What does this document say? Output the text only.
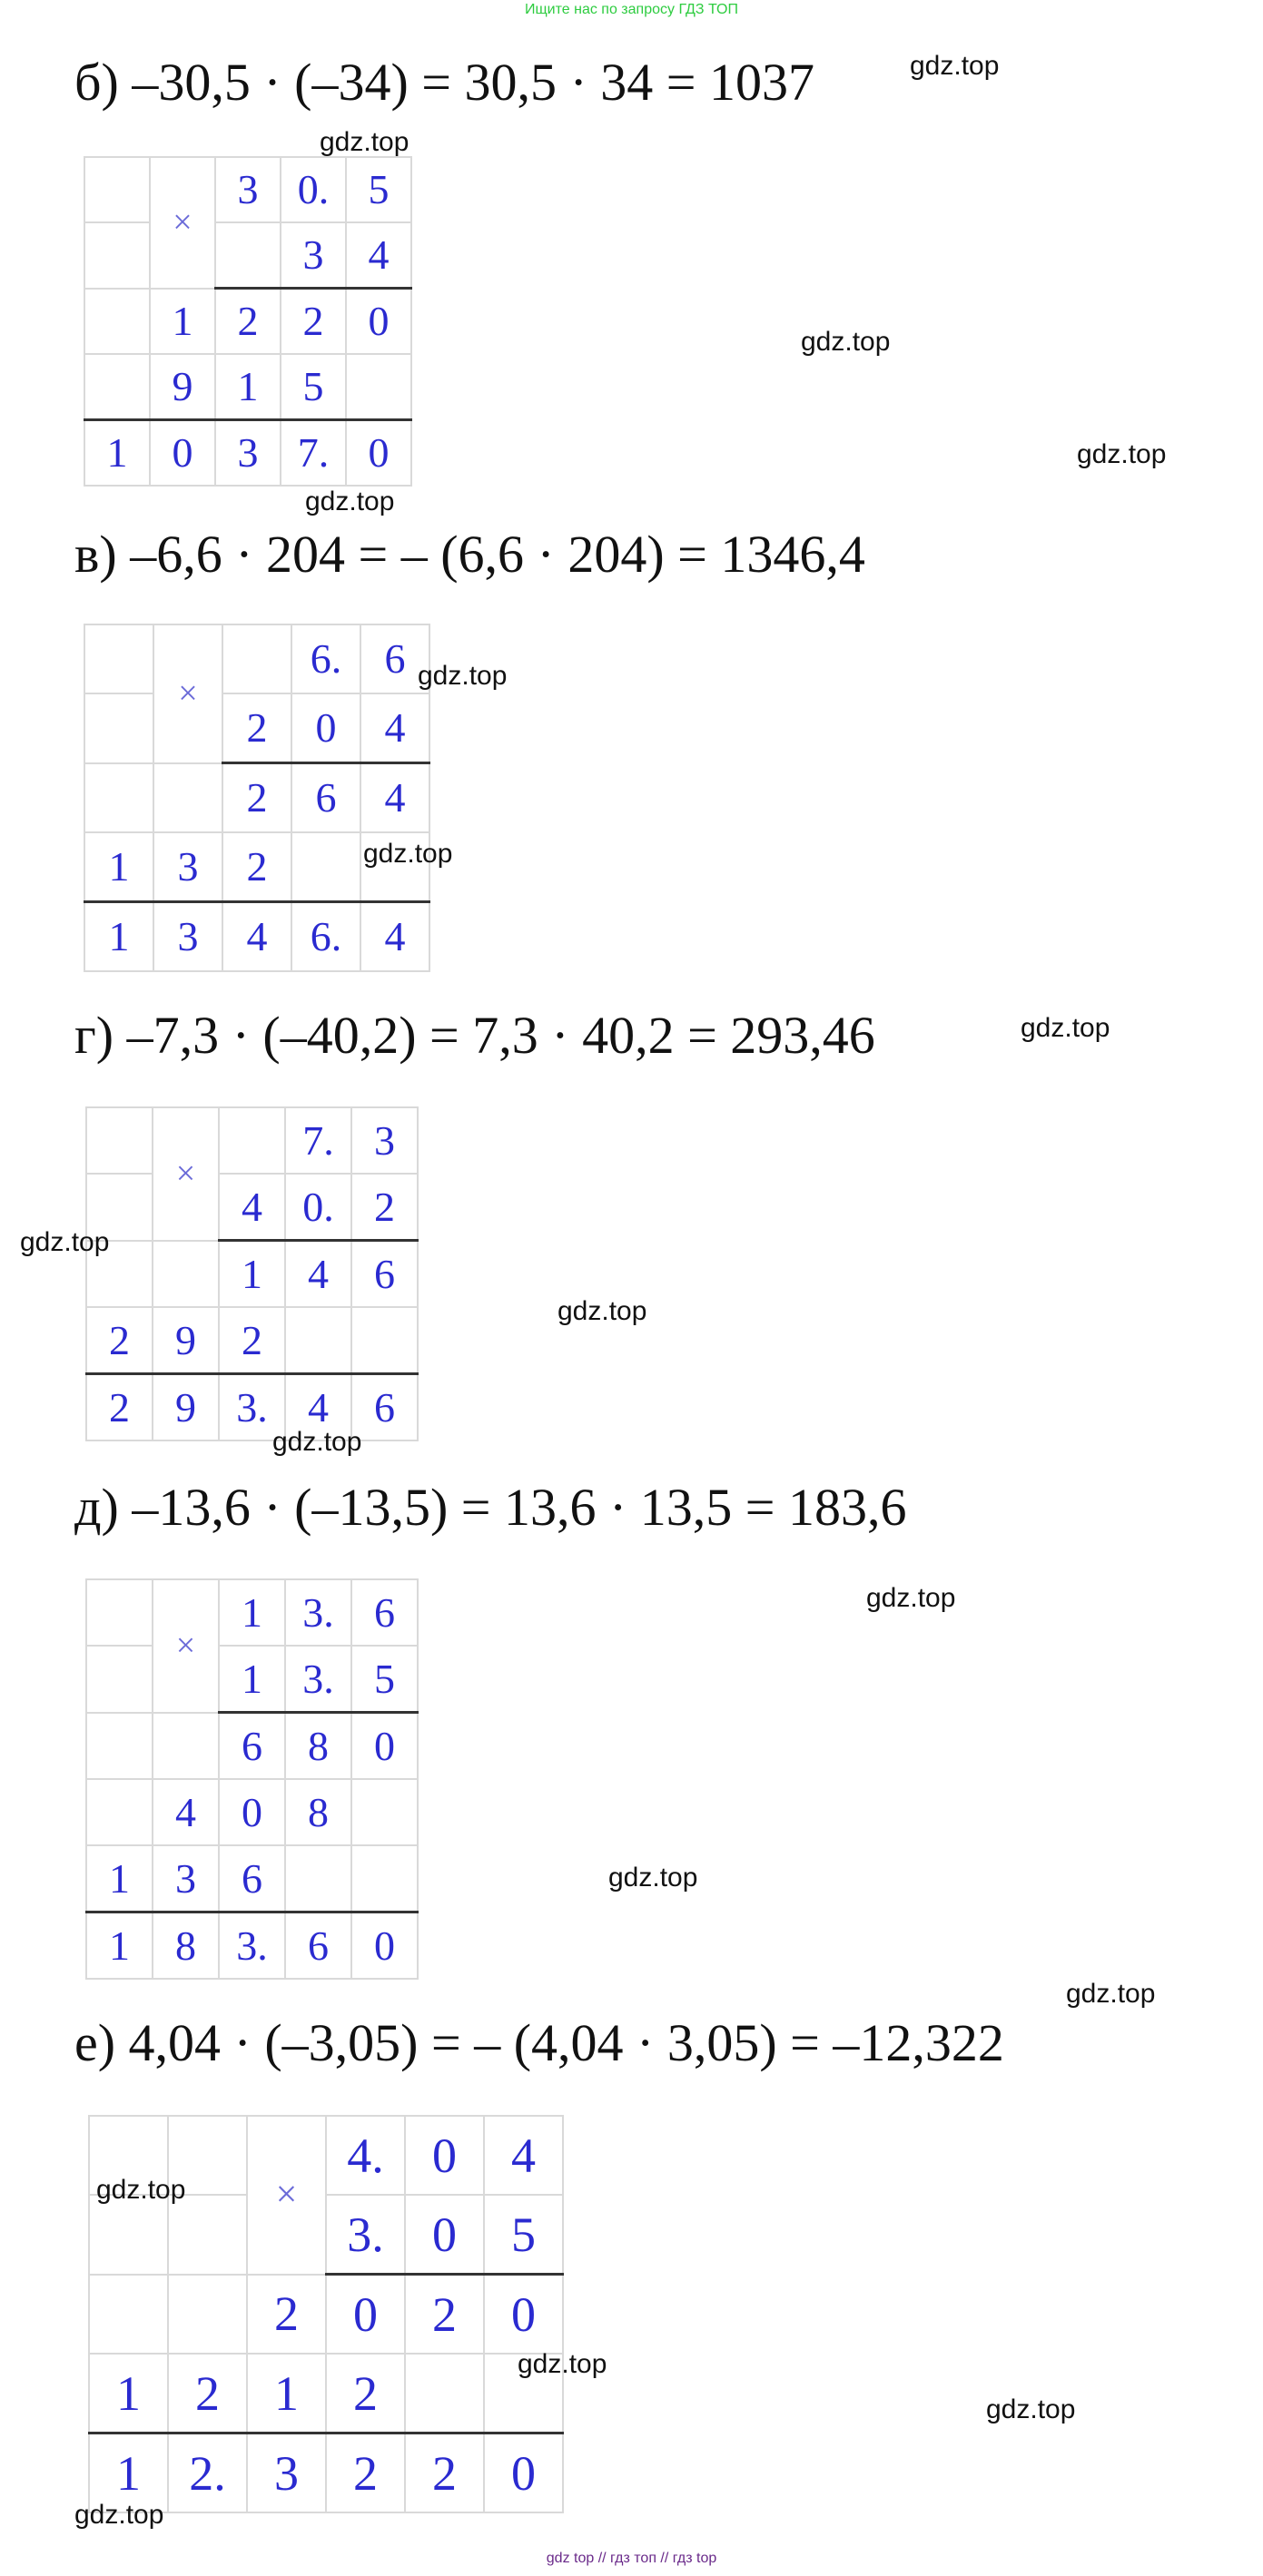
Ищите нас по запросу ГДЗ ТОП
б) –30,5 · (–34) = 30,5 · 34 = 1037
	×	3	0.	5
			3	4
	1	2	2	0
	9	1	5	
1	0	3	7.	0
в) –6,6 · 204 = – (6,6 · 204) = 1346,4
	×		6.	6
		2	0	4
		2	6	4
1	3	2		
1	3	4	6.	4
г) –7,3 · (–40,2) = 7,3 · 40,2 = 293,46
	×		7.	3
		4	0.	2
		1	4	6
2	9	2		
2	9	3.	4	6
д) –13,6 · (–13,5) = 13,6 · 13,5 = 183,6
	×	1	3.	6
		1	3.	5
		6	8	0
	4	0	8	
1	3	6		
1	8	3.	6	0
е) 4,04 · (–3,05) = – (4,04 · 3,05) = –12,322
		×	4.	0	4
			3.	0	5
		2	0	2	0
1	2	1	2		
1	2.	3	2	2	0
gdz.top
gdz.top
gdz.top
gdz.top
gdz.top
gdz.top
gdz.top
gdz.top
gdz.top
gdz.top
gdz.top
gdz.top
gdz.top
gdz.top
gdz.top
gdz.top
gdz.top
gdz.top
gdz top // гдз топ // гдз top
